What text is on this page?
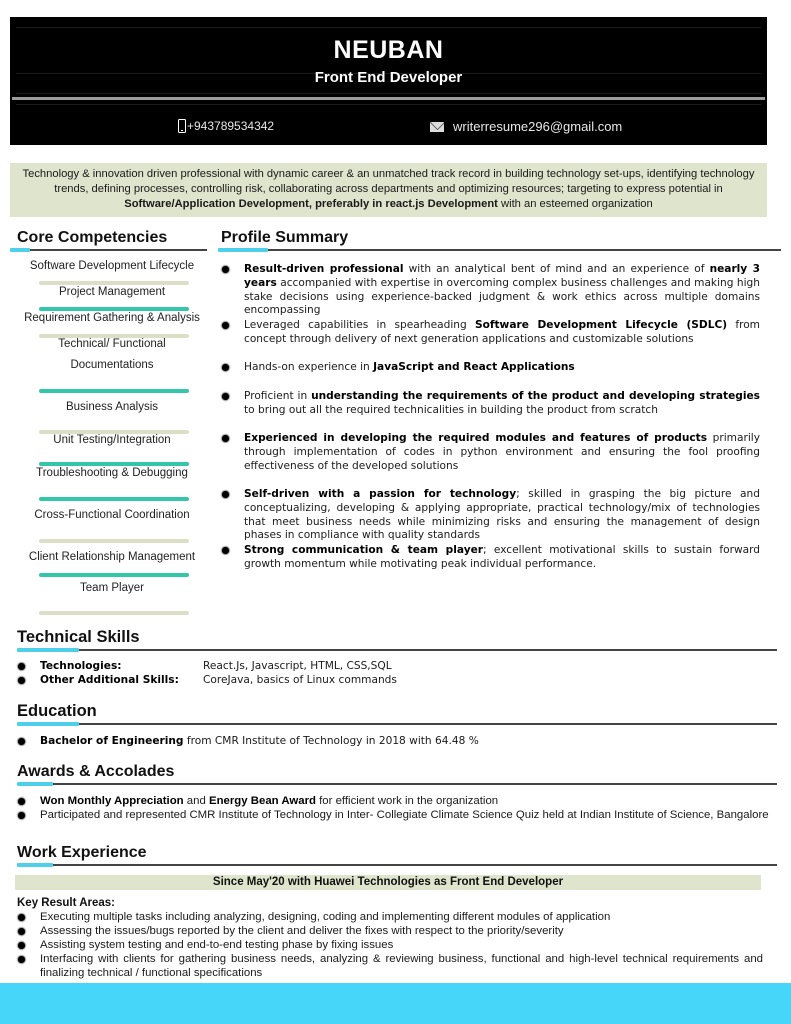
NEUBAN
Front End Developer
+943789534342	writerresume296@gmail.com
Technology & innovation driven professional with dynamic career & an unmatched track record in building technology set-ups, identifying technology trends, defining processes, controlling risk, collaborating across departments and optimizing resources; targeting to express potential in Software/Application Development, preferably in react.js Development with an esteemed organization
Core Competencies	Profile Summary
Software Development Lifecycle
Project Management
Requirement Gathering & Analysis
Technical/ Functional
Documentations
Business Analysis
Unit Testing/Integration
Troubleshooting & Debugging
Cross-Functional Coordination
Client Relationship Management
Team Player
Result-driven professional with an analytical bent of mind and an experience of nearly 3 years accompanied with expertise in overcoming complex business challenges and making high stake decisions using experience-backed judgment & work ethics across multiple domains encompassing
Leveraged capabilities in spearheading Software Development Lifecycle (SDLC) from concept through delivery of next generation applications and customizable solutions
Hands-on experience in JavaScript and React Applications
Proficient in understanding the requirements of the product and developing strategies to bring out all the required technicalities in building the product from scratch
Experienced in developing the required modules and features of products primarily through implementation of codes in python environment and ensuring the fool proofing effectiveness of the developed solutions
Self-driven with a passion for technology; skilled in grasping the big picture and conceptualizing, developing & applying appropriate, practical technology/mix of technologies that meet business needs while minimizing risks and ensuring the management of design phases in compliance with quality standards
Strong communication & team player; excellent motivational skills to sustain forward growth momentum while motivating peak individual performance.
Technical Skills
Technologies:	React.Js, Javascript, HTML, CSS,SQL
Other Additional Skills:	CoreJava, basics of Linux commands
Education
Bachelor of Engineering from CMR Institute of Technology in 2018 with 64.48 %
Awards & Accolades
Won Monthly Appreciation and Energy Bean Award for efficient work in the organization
Participated and represented CMR Institute of Technology in Inter- Collegiate Climate Science Quiz held at Indian Institute of Science, Bangalore
Work Experience
Since May'20 with Huawei Technologies as Front End Developer
Key Result Areas:
Executing multiple tasks including analyzing, designing, coding and implementing different modules of application
Assessing the issues/bugs reported by the client and deliver the fixes with respect to the priority/severity
Assisting system testing and end-to-end testing phase by fixing issues
Interfacing with clients for gathering business needs, analyzing & reviewing business, functional and high-level technical requirements and finalizing technical / functional specifications
